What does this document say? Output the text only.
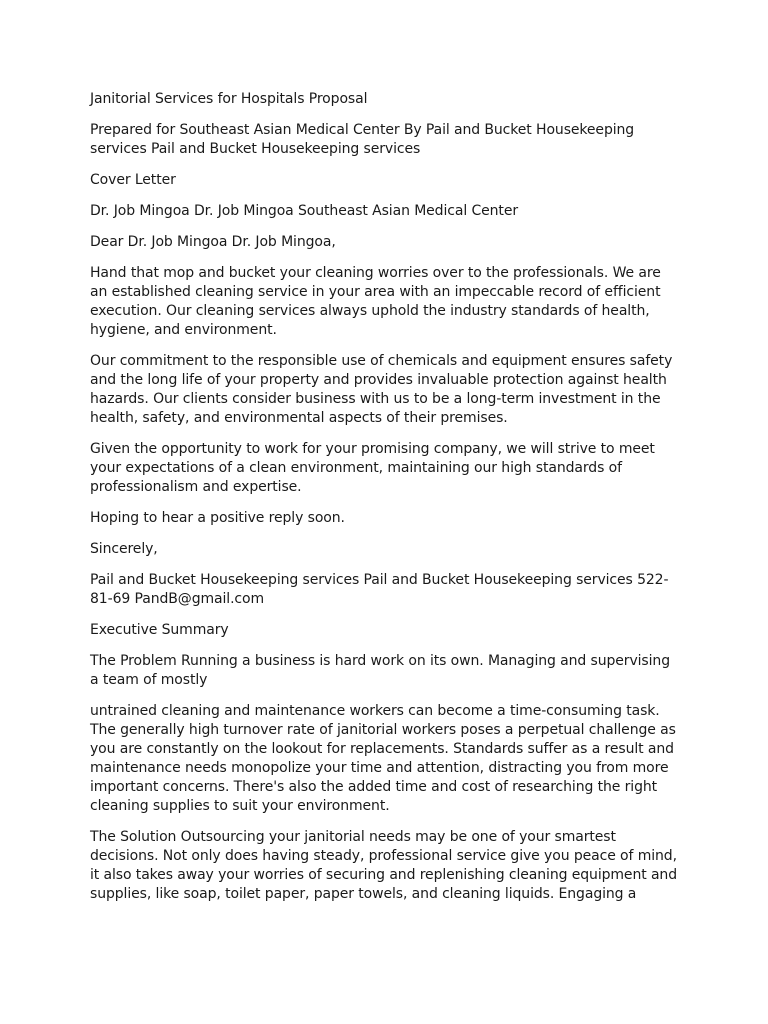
Janitorial Services for Hospitals Proposal

Prepared for Southeast Asian Medical Center By Pail and Bucket Housekeeping services Pail and Bucket Housekeeping services

Cover Letter

Dr. Job Mingoa Dr. Job Mingoa Southeast Asian Medical Center

Dear Dr. Job Mingoa Dr. Job Mingoa,

Hand that mop and bucket your cleaning worries over to the professionals. We are an established cleaning service in your area with an impeccable record of efficient execution. Our cleaning services always uphold the industry standards of health, hygiene, and environment.

Our commitment to the responsible use of chemicals and equipment ensures safety and the long life of your property and provides invaluable protection against health hazards. Our clients consider business with us to be a long-term investment in the health, safety, and environmental aspects of their premises.

Given the opportunity to work for your promising company, we will strive to meet your expectations of a clean environment, maintaining our high standards of professionalism and expertise.

Hoping to hear a positive reply soon.

Sincerely,

Pail and Bucket Housekeeping services Pail and Bucket Housekeeping services 522-81-69 PandB@gmail.com

Executive Summary

The Problem Running a business is hard work on its own. Managing and supervising a team of mostly

untrained cleaning and maintenance workers can become a time-consuming task. The generally high turnover rate of janitorial workers poses a perpetual challenge as you are constantly on the lookout for replacements. Standards suffer as a result and maintenance needs monopolize your time and attention, distracting you from more important concerns. There's also the added time and cost of researching the right cleaning supplies to suit your environment.

The Solution Outsourcing your janitorial needs may be one of your smartest decisions. Not only does having steady, professional service give you peace of mind, it also takes away your worries of securing and replenishing cleaning equipment and supplies, like soap, toilet paper, paper towels, and cleaning liquids. Engaging a
